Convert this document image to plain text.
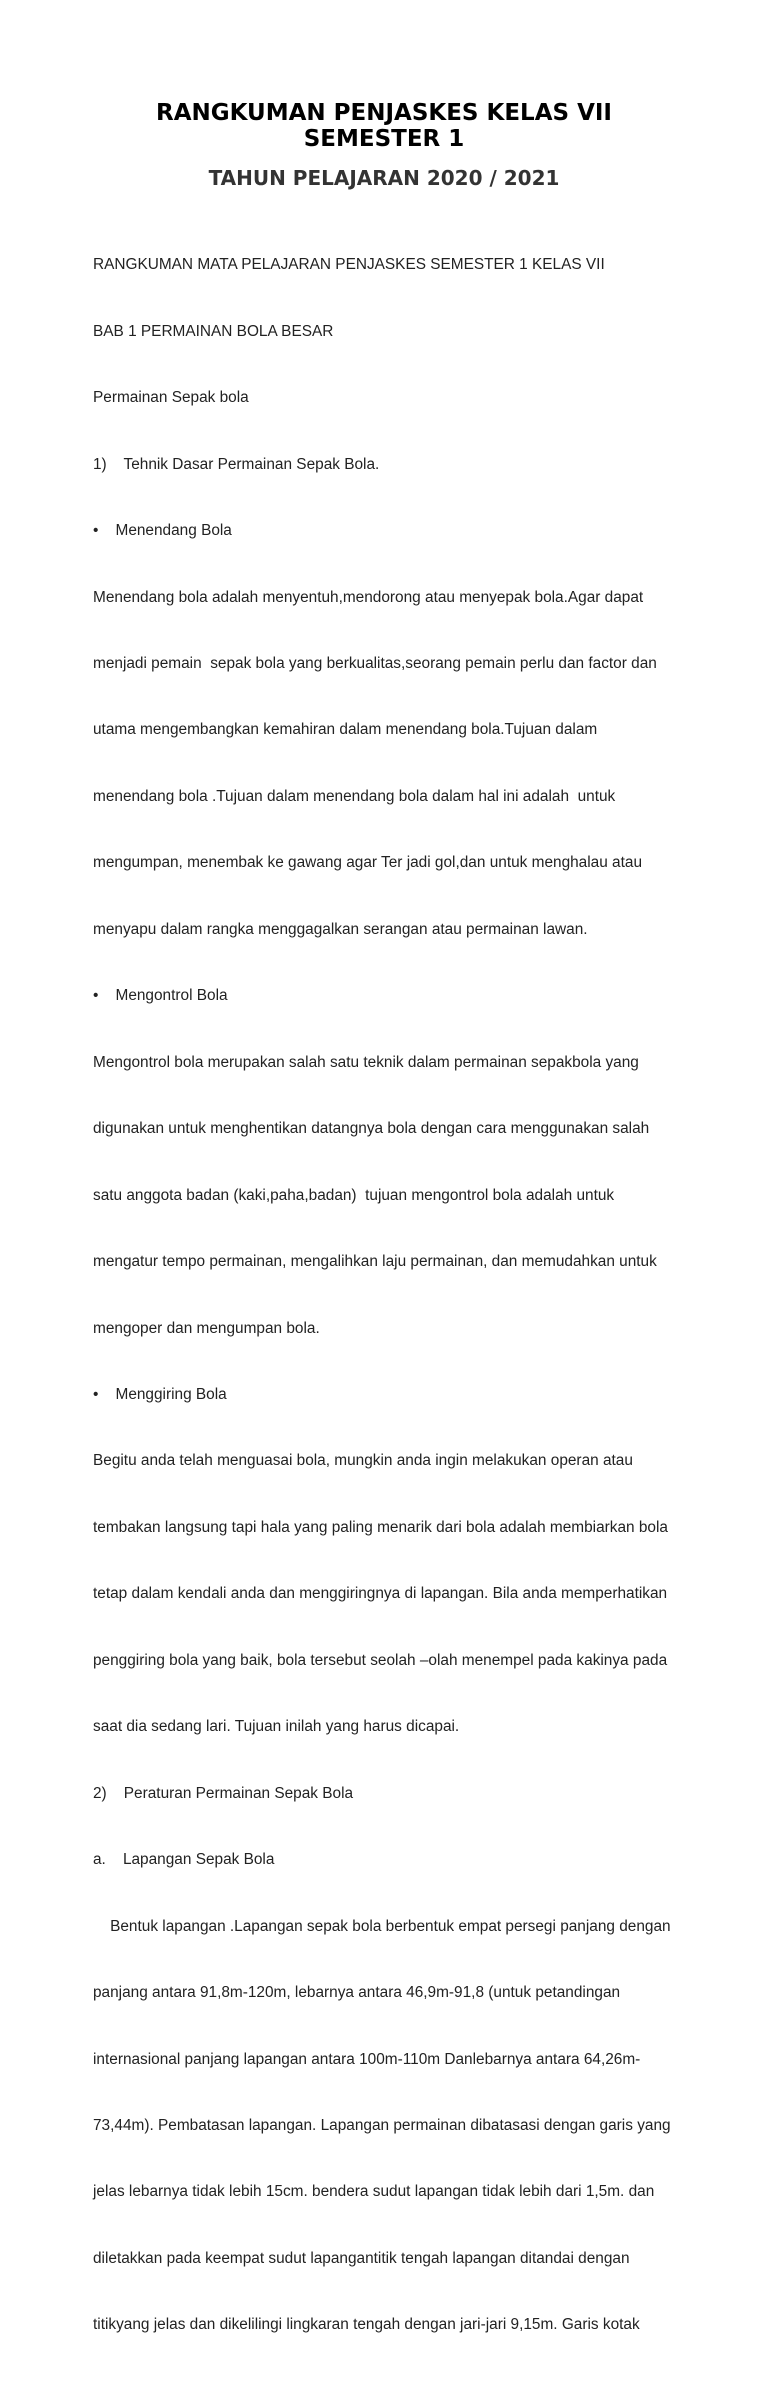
RANGKUMAN PENJASKES KELAS VII
SEMESTER 1
TAHUN PELAJARAN 2020 / 2021

RANGKUMAN MATA PELAJARAN PENJASKES SEMESTER 1 KELAS VII

BAB 1 PERMAINAN BOLA BESAR

Permainan Sepak bola

1)    Tehnik Dasar Permainan Sepak Bola.

•    Menendang Bola

Menendang bola adalah menyentuh,mendorong atau menyepak bola.Agar dapat

menjadi pemain  sepak bola yang berkualitas,seorang pemain perlu dan factor dan

utama mengembangkan kemahiran dalam menendang bola.Tujuan dalam

menendang bola .Tujuan dalam menendang bola dalam hal ini adalah  untuk

mengumpan, menembak ke gawang agar Ter jadi gol,dan untuk menghalau atau

menyapu dalam rangka menggagalkan serangan atau permainan lawan.

•    Mengontrol Bola

Mengontrol bola merupakan salah satu teknik dalam permainan sepakbola yang

digunakan untuk menghentikan datangnya bola dengan cara menggunakan salah

satu anggota badan (kaki,paha,badan)  tujuan mengontrol bola adalah untuk

mengatur tempo permainan, mengalihkan laju permainan, dan memudahkan untuk

mengoper dan mengumpan bola.

•    Menggiring Bola

Begitu anda telah menguasai bola, mungkin anda ingin melakukan operan atau

tembakan langsung tapi hala yang paling menarik dari bola adalah membiarkan bola

tetap dalam kendali anda dan menggiringnya di lapangan. Bila anda memperhatikan

penggiring bola yang baik, bola tersebut seolah –olah menempel pada kakinya pada

saat dia sedang lari. Tujuan inilah yang harus dicapai.

2)    Peraturan Permainan Sepak Bola

a.    Lapangan Sepak Bola

Bentuk lapangan .Lapangan sepak bola berbentuk empat persegi panjang dengan

panjang antara 91,8m-120m, lebarnya antara 46,9m-91,8 (untuk petandingan

internasional panjang lapangan antara 100m-110m Danlebarnya antara 64,26m-

73,44m). Pembatasan lapangan. Lapangan permainan dibatasasi dengan garis yang

jelas lebarnya tidak lebih 15cm. bendera sudut lapangan tidak lebih dari 1,5m. dan

diletakkan pada keempat sudut lapangantitik tengah lapangan ditandai dengan

titikyang jelas dan dikelilingi lingkaran tengah dengan jari-jari 9,15m. Garis kotak
